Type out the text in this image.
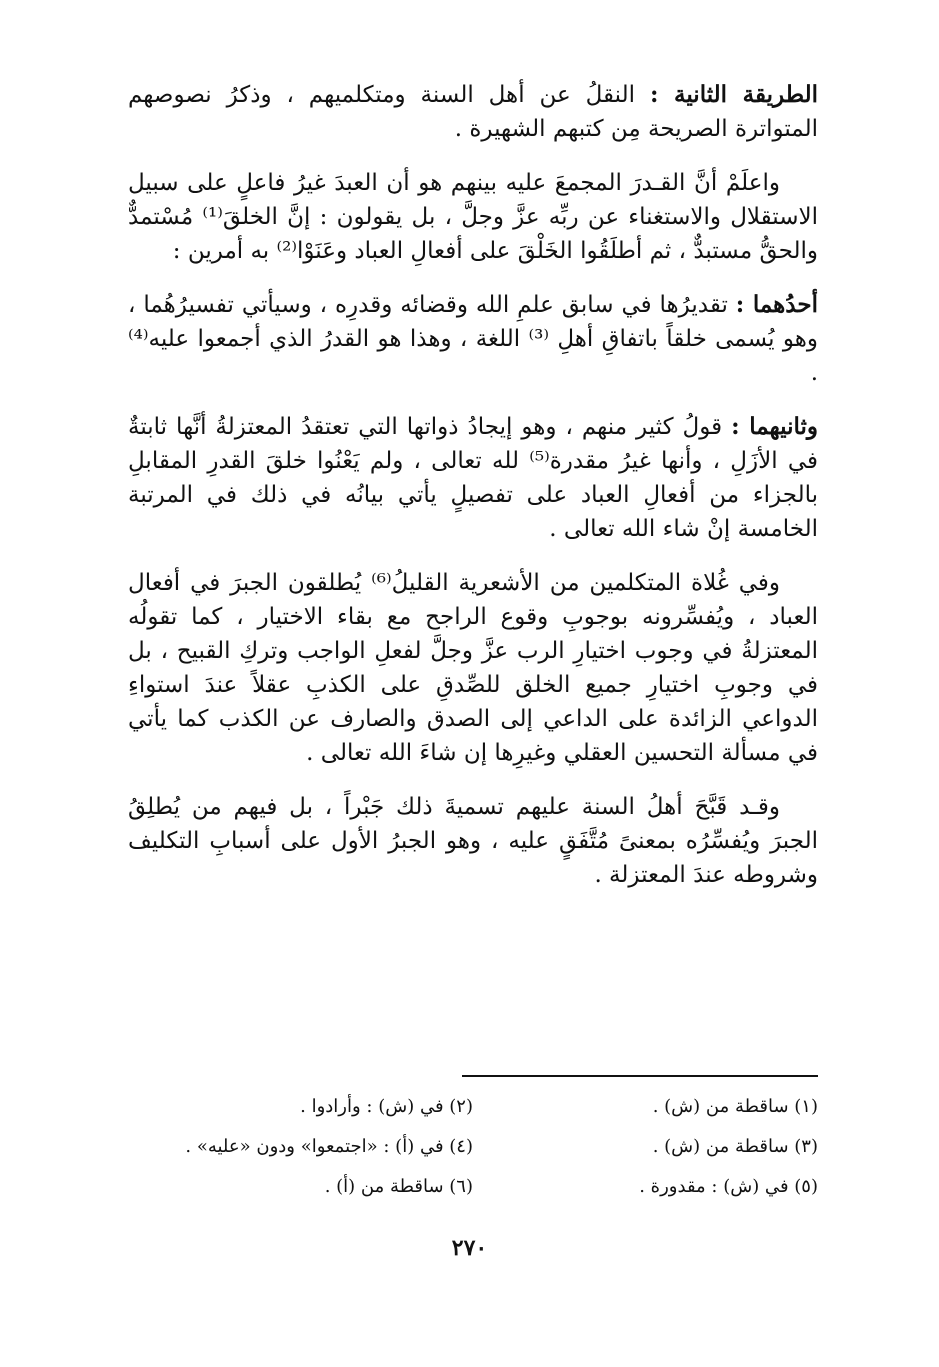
الطريقة الثانية : النقلُ عن أهل السنة ومتكلميهم ، وذكرُ نصوصهم المتواترة الصريحة مِن كتبهم الشهيرة .

واعلَمْ أنَّ القـدرَ المجمعَ عليه بينهم هو أن العبدَ غيرُ فاعلٍ على سبيل الاستقلال والاستغناء عن ربِّه عزَّ وجلَّ ، بل يقولون : إنَّ الخلقَ⁽¹⁾ مُسْتمدٌّ والحقُّ مستبدٌّ ، ثم أطلَقُوا الخَلْقَ على أفعالِ العباد وعَنَوْا⁽²⁾ به أمرين :

أحدُهما : تقديرُها في سابق علمِ الله وقضائه وقدرِه ، وسيأتي تفسيرُهُما ، وهو يُسمى خلقاً باتفاقِ أهلِ ⁽³⁾ اللغة ، وهذا هو القدرُ الذي أجمعوا عليه⁽⁴⁾ .

وثانيهما : قولُ كثير منهم ، وهو إيجادُ ذواتها التي تعتقدُ المعتزلةُ أنَّها ثابتةٌ في الأزَلِ ، وأنها غيرُ مقدرة⁽⁵⁾ لله تعالى ، ولم يَعْنُوا خلقَ القدرِ المقابلِ بالجزاء من أفعالِ العباد على تفصيلٍ يأتي بيانُه في ذلك في المرتبة الخامسة إنْ شاء الله تعالى .

وفي غُلاة المتكلمين من الأشعرية القليلُ⁽⁶⁾ يُطلقون الجبرَ في أفعال العباد ، ويُفسِّرونه بوجوبِ وقوع الراجح مع بقاء الاختيار ، كما تقولُه المعتزلةُ في وجوب اختيارِ الرب عزَّ وجلَّ لفعلِ الواجب وتركِ القبيح ، بل في وجوبِ اختيارِ جميع الخلق للصِّدقِ على الكذبِ عقلاً عندَ استواءِ الدواعي الزائدة على الداعي إلى الصدق والصارف عن الكذب كما يأتي في مسألة التحسين العقلي وغيرِها إن شاءَ الله تعالى .

وقـد قَبَّحَ أهلُ السنة عليهم تسميةَ ذلك جَبْراً ، بل فيهم من يُطلِقُ الجبرَ ويُفسِّرُه بمعنىً مُتَّفَقٍ عليه ، وهو الجبرُ الأول على أسبابِ التكليف وشروطه عندَ المعتزلة .

(١) ساقطة من (ش) .
(٢) في (ش) : وأرادوا .
(٣) ساقطة من (ش) .
(٤) في (أ) : «اجتمعوا» ودون «عليه» .
(٥) في (ش) : مقدورة .
(٦) ساقطة من (أ) .
٢٧٠
